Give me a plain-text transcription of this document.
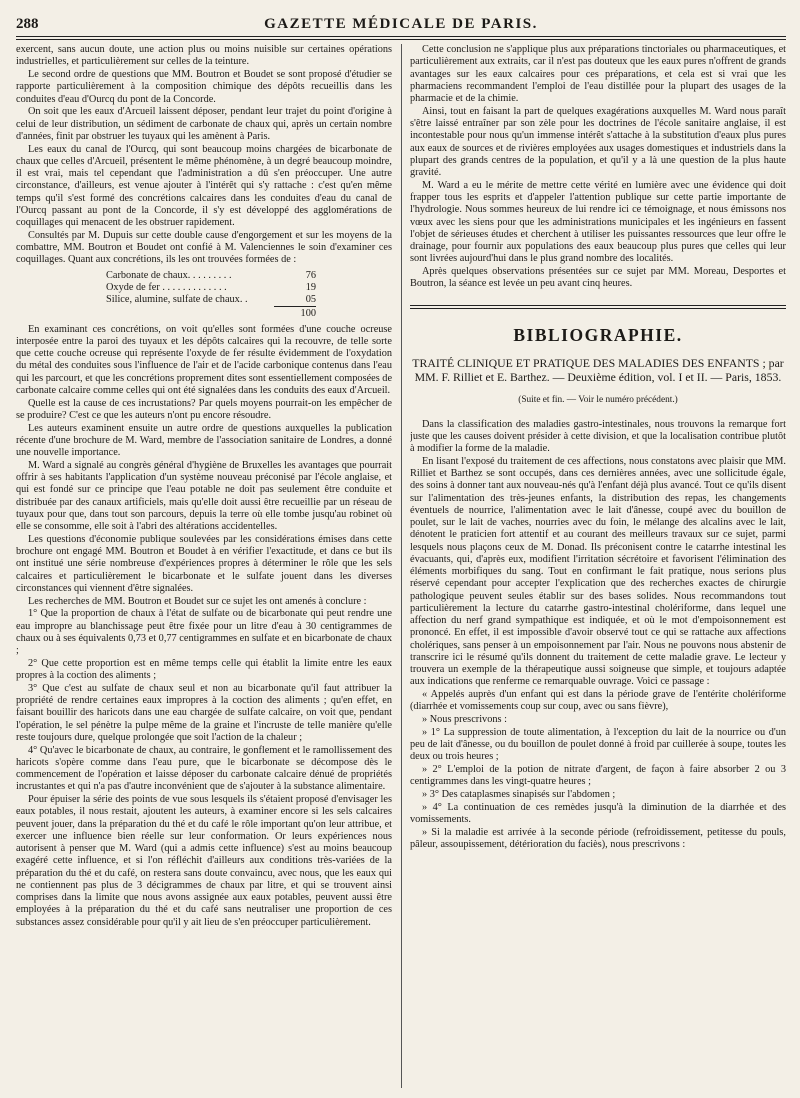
288	GAZETTE MÉDICALE DE PARIS.

exercent, sans aucun doute, une action plus ou moins nuisible sur certaines opérations industrielles, et particulièrement sur celles de la teinture.

Le second ordre de questions que MM. Boutron et Boudet se sont proposé d'étudier se rapporte particulièrement à la composition chimique des dépôts recueillis dans les conduites d'eau d'Ourcq du pont de la Concorde.

On soit que les eaux d'Arcueil laissent déposer, pendant leur trajet du point d'origine à celui de leur distribution, un sédiment de carbonate de chaux qui, après un certain nombre d'années, finit par obstruer les tuyaux qui les amènent à Paris.

Les eaux du canal de l'Ourcq, qui sont beaucoup moins chargées de bicarbonate de chaux que celles d'Arcueil, présentent le même phénomène, à un degré beaucoup moindre, il est vrai, mais tel cependant que l'administration a dû s'en préoccuper. Une autre circonstance, d'ailleurs, est venue ajouter à l'intérêt qui s'y rattache : c'est qu'en même temps qu'il s'est formé des concrétions calcaires dans les conduites d'eau du canal de l'Ourcq passant au pont de la Concorde, il s'y est développé des agglomérations de coquillages qui menacent de les obstruer rapidement.

Consultés par M. Dupuis sur cette double cause d'engorgement et sur les moyens de la combattre, MM. Boutron et Boudet ont confié à M. Valenciennes le soin d'examiner ces coquillages. Quant aux concrétions, ils les ont trouvées formées de :

Carbonate de chaux. . . . . . . . .	76
Oxyde de fer . . . . . . . . . . . . .	19
Silice, alumine, sulfate de chaux. .	05
100

En examinant ces concrétions, on voit qu'elles sont formées d'une couche ocreuse interposée entre la paroi des tuyaux et les dépôts calcaires qui la recouvre, de telle sorte que cette couche ocreuse qui représente l'oxyde de fer résulte évidemment de l'oxydation du métal des conduites sous l'influence de l'air et de l'acide carbonique contenus dans l'eau qui les parcourt, et que les concrétions proprement dites sont essentiellement composées de carbonate calcaire comme celles qui ont été signalées dans les conduits des eaux d'Arcueil.

Quelle est la cause de ces incrustations? Par quels moyens pourrait-on les empêcher de se produire? C'est ce que les auteurs n'ont pu encore résoudre.

Les auteurs examinent ensuite un autre ordre de questions auxquelles la publication récente d'une brochure de M. Ward, membre de l'association sanitaire de Londres, a donné une nouvelle importance.

M. Ward a signalé au congrès général d'hygiène de Bruxelles les avantages que pourrait offrir à ses habitants l'application d'un système nouveau préconisé par l'école anglaise, et qui est fondé sur ce principe que l'eau potable ne doit pas seulement être conduite et distribuée par des canaux artificiels, mais qu'elle doit aussi être recueillie par un réseau de tuyaux pour que, dans tout son parcours, depuis la terre où elle tombe jusqu'au robinet où elle se consomme, elle soit à l'abri des altérations accidentelles.

Les questions d'économie publique soulevées par les considérations émises dans cette brochure ont engagé MM. Boutron et Boudet à en vérifier l'exactitude, et dans ce but ils ont institué une série nombreuse d'expériences propres à déterminer le rôle que les sels calcaires et particulièrement le bicarbonate et le sulfate jouent dans les diverses circonstances qui viennent d'être signalées.

Les recherches de MM. Boutron et Boudet sur ce sujet les ont amenés à conclure :

1° Que la proportion de chaux à l'état de sulfate ou de bicarbonate qui peut rendre une eau impropre au blanchissage peut être fixée pour un litre d'eau à 30 centigrammes de chaux ou à ses équivalents 0,73 et 0,77 centigrammes en sulfate et en bicarbonate de chaux ;

2° Que cette proportion est en même temps celle qui établit la limite entre les eaux propres à la coction des aliments ;

3° Que c'est au sulfate de chaux seul et non au bicarbonate qu'il faut attribuer la propriété de rendre certaines eaux impropres à la coction des aliments ; qu'en effet, en faisant bouillir des haricots dans une eau chargée de sulfate calcaire, on voit que, pendant l'opération, le sel pénètre la pulpe même de la graine et l'incruste de telle manière qu'elle reste toujours dure, quelque prolongée que soit l'action de la chaleur ;

4° Qu'avec le bicarbonate de chaux, au contraire, le gonflement et le ramollissement des haricots s'opère comme dans l'eau pure, que le bicarbonate se décompose dès le commencement de l'opération et laisse déposer du carbonate calcaire dénué de propriétés incrustantes et qui n'a pas d'autre inconvénient que de s'ajouter à la substance alimentaire.

Pour épuiser la série des points de vue sous lesquels ils s'étaient proposé d'envisager les eaux potables, il nous restait, ajoutent les auteurs, à examiner encore si les sels calcaires peuvent jouer, dans la préparation du thé et du café le rôle important qu'on leur attribue, et exercer une influence bien réelle sur leur conformation. Or leurs expériences nous autorisent à penser que M. Ward (qui a admis cette influence) s'est au moins beaucoup exagéré cette influence, et si l'on réfléchit d'ailleurs aux conditions très-variées de la préparation du thé et du café, on restera sans doute convaincu, avec nous, que les eaux qui ne contiennent pas plus de 3 décigrammes de chaux par litre, et qui se trouvent ainsi comprises dans la limite que nous avons assignée aux eaux potables, peuvent aussi être employées à la préparation du thé et du café sans neutraliser une proportion de ces substances assez considérable pour qu'il y ait lieu de s'en préoccuper particulièrement.

Cette conclusion ne s'applique plus aux préparations tinctoriales ou pharmaceutiques, et particulièrement aux extraits, car il n'est pas douteux que les eaux pures n'offrent de grands avantages sur les eaux calcaires pour ces préparations, et cela est si vrai que les pharmaciens recommandent l'emploi de l'eau distillée pour la plupart des usages de la pharmacie et de la chimie.

Ainsi, tout en faisant la part de quelques exagérations auxquelles M. Ward nous paraît s'être laissé entraîner par son zèle pour les doctrines de l'école sanitaire anglaise, il est incontestable pour nous qu'un immense intérêt s'attache à la substitution d'eaux plus pures aux eaux de sources et de rivières employées aux usages domestiques et industriels dans la plupart des grands centres de la population, et qu'il y a là une question de la plus haute gravité.

M. Ward a eu le mérite de mettre cette vérité en lumière avec une évidence qui doit frapper tous les esprits et d'appeler l'attention publique sur cette partie importante de l'hydrologie. Nous sommes heureux de lui rendre ici ce témoignage, et nous émissons nos vœux avec les siens pour que les administrations municipales et les ingénieurs en fassent l'objet de sérieuses études et cherchent à utiliser les puissantes ressources que leur offre le drainage, pour fournir aux populations des eaux beaucoup plus pures que celles qui leur sont livrées aujourd'hui dans le plus grand nombre des localités.

Après quelques observations présentées sur ce sujet par MM. Moreau, Desportes et Boutron, la séance est levée un peu avant cinq heures.

BIBLIOGRAPHIE.

TRAITÉ CLINIQUE ET PRATIQUE DES MALADIES DES ENFANTS ; par MM. F. Rilliet et E. Barthez. — Deuxième édition, vol. I et II. — Paris, 1853.

(Suite et fin. — Voir le numéro précédent.)

Dans la classification des maladies gastro-intestinales, nous trouvons la remarque fort juste que les causes doivent présider à cette division, et que la localisation contribue plutôt à modifier la forme de la maladie.

En lisant l'exposé du traitement de ces affections, nous constatons avec plaisir que MM. Rilliet et Barthez se sont occupés, dans ces dernières années, avec une sollicitude égale, des soins à donner tant aux nouveau-nés qu'à l'enfant déjà plus avancé. Tout ce qu'ils disent sur l'alimentation des très-jeunes enfants, la distribution des repas, les changements éventuels de nourrice, l'alimentation avec le lait d'ânesse, coupé avec du bouillon de poulet, sur le lait de vaches, nourries avec du foin, le mélange des alcalins avec le lait, dénotent le praticien fort attentif et au courant des meilleurs travaux sur ce sujet, parmi lesquels nous plaçons ceux de M. Donad. Ils préconisent contre le catarrhe intestinal les évacuants, qui, d'après eux, modifient l'irritation sécrétoire et favorisent l'élimination des éléments morbifiques du sang. Tout en confirmant le fait pratique, nous serions plus réservé cependant pour accepter l'explication que des recherches exactes de chirurgie pathologique peuvent seules établir sur des bases solides. Nous recommandons tout particulièrement la lecture du catarrhe gastro-intestinal cholériforme, dans lequel une affection du nerf grand sympathique est indiquée, et où le mot d'empoisonnement est prononcé. En effet, il est impossible d'avoir observé tout ce qui se rattache aux affections cholériques, sans penser à un empoisonnement par l'air. Nous ne pouvons nous abstenir de transcrire ici le résumé qu'ils donnent du traitement de cette maladie grave. Le lecteur y trouvera un exemple de la thérapeutique aussi soigneuse que simple, et toujours adaptée aux indications que renferme ce remarquable ouvrage. Voici ce passage :

« Appelés auprès d'un enfant qui est dans la période grave de l'entérite cholériforme (diarrhée et vomissements coup sur coup, avec ou sans fièvre),

» Nous prescrivons :

» 1° La suppression de toute alimentation, à l'exception du lait de la nourrice ou d'un peu de lait d'ânesse, ou du bouillon de poulet donné à froid par cuillerée à soupe, toutes les deux ou trois heures ;

» 2° L'emploi de la potion de nitrate d'argent, de façon à faire absorber 2 ou 3 centigrammes dans les vingt-quatre heures ;

» 3° Des cataplasmes sinapisés sur l'abdomen ;

» 4° La continuation de ces remèdes jusqu'à la diminution de la diarrhée et des vomissements.

» Si la maladie est arrivée à la seconde période (refroidissement, petitesse du pouls, pâleur, assoupissement, détérioration du faciès), nous prescrivons :
